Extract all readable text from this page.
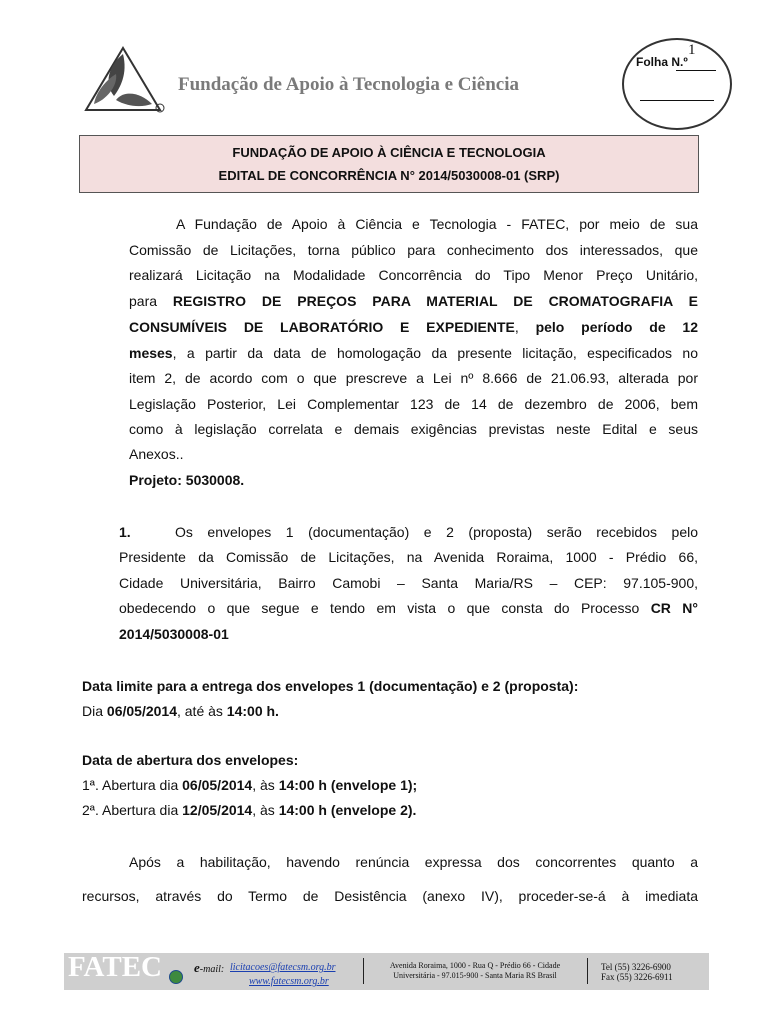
Fundação de Apoio à Tecnologia e Ciência
1
Folha N.º
FUNDAÇÃO DE APOIO À CIÊNCIA E TECNOLOGIA
EDITAL DE CONCORRÊNCIA N° 2014/5030008-01 (SRP)
A Fundação de Apoio à Ciência e Tecnologia - FATEC, por meio de sua
Comissão de Licitações, torna público para conhecimento dos interessados, que
realizará Licitação na Modalidade Concorrência do Tipo Menor Preço Unitário,
para REGISTRO DE PREÇOS PARA MATERIAL DE CROMATOGRAFIA E
CONSUMÍVEIS DE LABORATÓRIO E EXPEDIENTE, pelo período de 12
meses, a partir da data de homologação da presente licitação, especificados no
item 2, de acordo com o que prescreve a Lei nº 8.666 de 21.06.93, alterada por
Legislação Posterior, Lei Complementar 123 de 14 de dezembro de 2006, bem
como à legislação correlata e demais exigências previstas neste Edital e seus
Anexos..
Projeto: 5030008.
1.	Os envelopes 1 (documentação) e 2 (proposta) serão recebidos pelo
Presidente da Comissão de Licitações, na Avenida Roraima, 1000 - Prédio 66,
Cidade Universitária, Bairro Camobi – Santa Maria/RS – CEP: 97.105-900,
obedecendo o que segue e tendo em vista o que consta do Processo CR N°
2014/5030008-01
Data limite para a entrega dos envelopes 1 (documentação) e 2 (proposta):
Dia 06/05/2014, até às 14:00 h.
Data de abertura dos envelopes:
1ª. Abertura dia 06/05/2014, às 14:00 h (envelope 1);
2ª. Abertura dia 12/05/2014, às 14:00 h (envelope 2).
Após a habilitação, havendo renúncia expressa dos concorrentes quanto a
recursos, através do Termo de Desistência (anexo IV), proceder-se-á à imediata
FATEC e-mail: licitacoes@fatecsm.org.br
www.fatecsm.org.br
Avenida Roraima, 1000 - Rua Q - Prédio 66 - Cidade
Universitária - 97.015-900 - Santa Maria RS Brasil
Tel (55) 3226-6900
Fax (55) 3226-6911
